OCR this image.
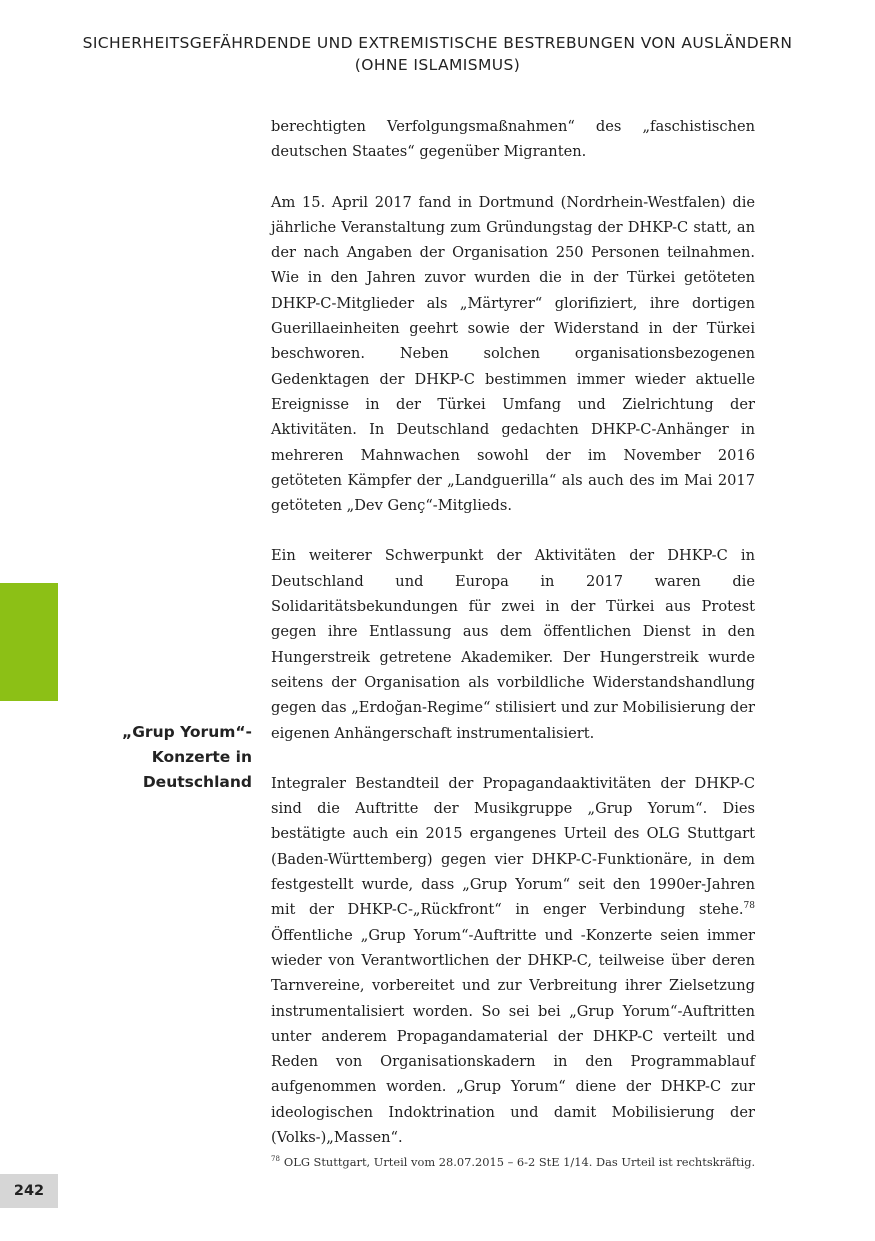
SICHERHEITSGEFÄHRDENDE UND EXTREMISTISCHE BESTREBUNGEN VON AUSLÄNDERN
(OHNE ISLAMISMUS)

berechtigten Verfolgungsmaßnahmen“ des „faschistischen deutschen Staates“ gegenüber Migranten.

Am 15. April 2017 fand in Dortmund (Nordrhein-Westfalen) die jährliche Veranstaltung zum Gründungstag der DHKP-C statt, an der nach Angaben der Organisation 250 Personen teilnahmen. Wie in den Jahren zuvor wurden die in der Türkei getöteten DHKP-C-Mitglieder als „Märtyrer“ glorifiziert, ihre dortigen Guerillaeinheiten geehrt sowie der Widerstand in der Türkei beschworen. Neben solchen organisationsbezogenen Gedenktagen der DHKP-C bestimmen immer wieder aktuelle Ereignisse in der Türkei Umfang und Zielrichtung der Aktivitäten. In Deutschland gedachten DHKP-C-Anhänger in mehreren Mahnwachen sowohl der im November 2016 getöteten Kämpfer der „Landguerilla“ als auch des im Mai 2017 getöteten „Dev Genç“-Mitglieds.

Ein weiterer Schwerpunkt der Aktivitäten der DHKP-C in Deutschland und Europa in 2017 waren die Solidaritätsbekundungen für zwei in der Türkei aus Protest gegen ihre Entlassung aus dem öffentlichen Dienst in den Hungerstreik getretene Akademiker. Der Hungerstreik wurde seitens der Organisation als vorbildliche Widerstandshandlung gegen das „Erdoğan-Regime“ stilisiert und zur Mobilisierung der eigenen Anhängerschaft instrumentalisiert.

Integraler Bestandteil der Propagandaaktivitäten der DHKP-C sind die Auftritte der Musikgruppe „Grup Yorum“. Dies bestätigte auch ein 2015 ergangenes Urteil des OLG Stuttgart (Baden-Württemberg) gegen vier DHKP-C-Funktionäre, in dem festgestellt wurde, dass „Grup Yorum“ seit den 1990er-Jahren mit der DHKP-C-„Rückfront“ in enger Verbindung stehe.$^{78}$ Öffentliche „Grup Yorum“-Auftritte und -Konzerte seien immer wieder von Verantwortlichen der DHKP-C, teilweise über deren Tarnvereine, vorbereitet und zur Verbreitung ihrer Zielsetzung instrumentalisiert worden. So sei bei „Grup Yorum“-Auftritten unter anderem Propagandamaterial der DHKP-C verteilt und Reden von Organisationskadern in den Programmablauf aufgenommen worden. „Grup Yorum“ diene der DHKP-C zur ideologischen Indoktrination und damit Mobilisierung der (Volks-)„Massen“.

„Grup Yorum“-
Konzerte in
Deutschland
$^{78}$ OLG Stuttgart, Urteil vom 28.07.2015 – 6-2 StE 1/14. Das Urteil ist rechtskräftig.
242
